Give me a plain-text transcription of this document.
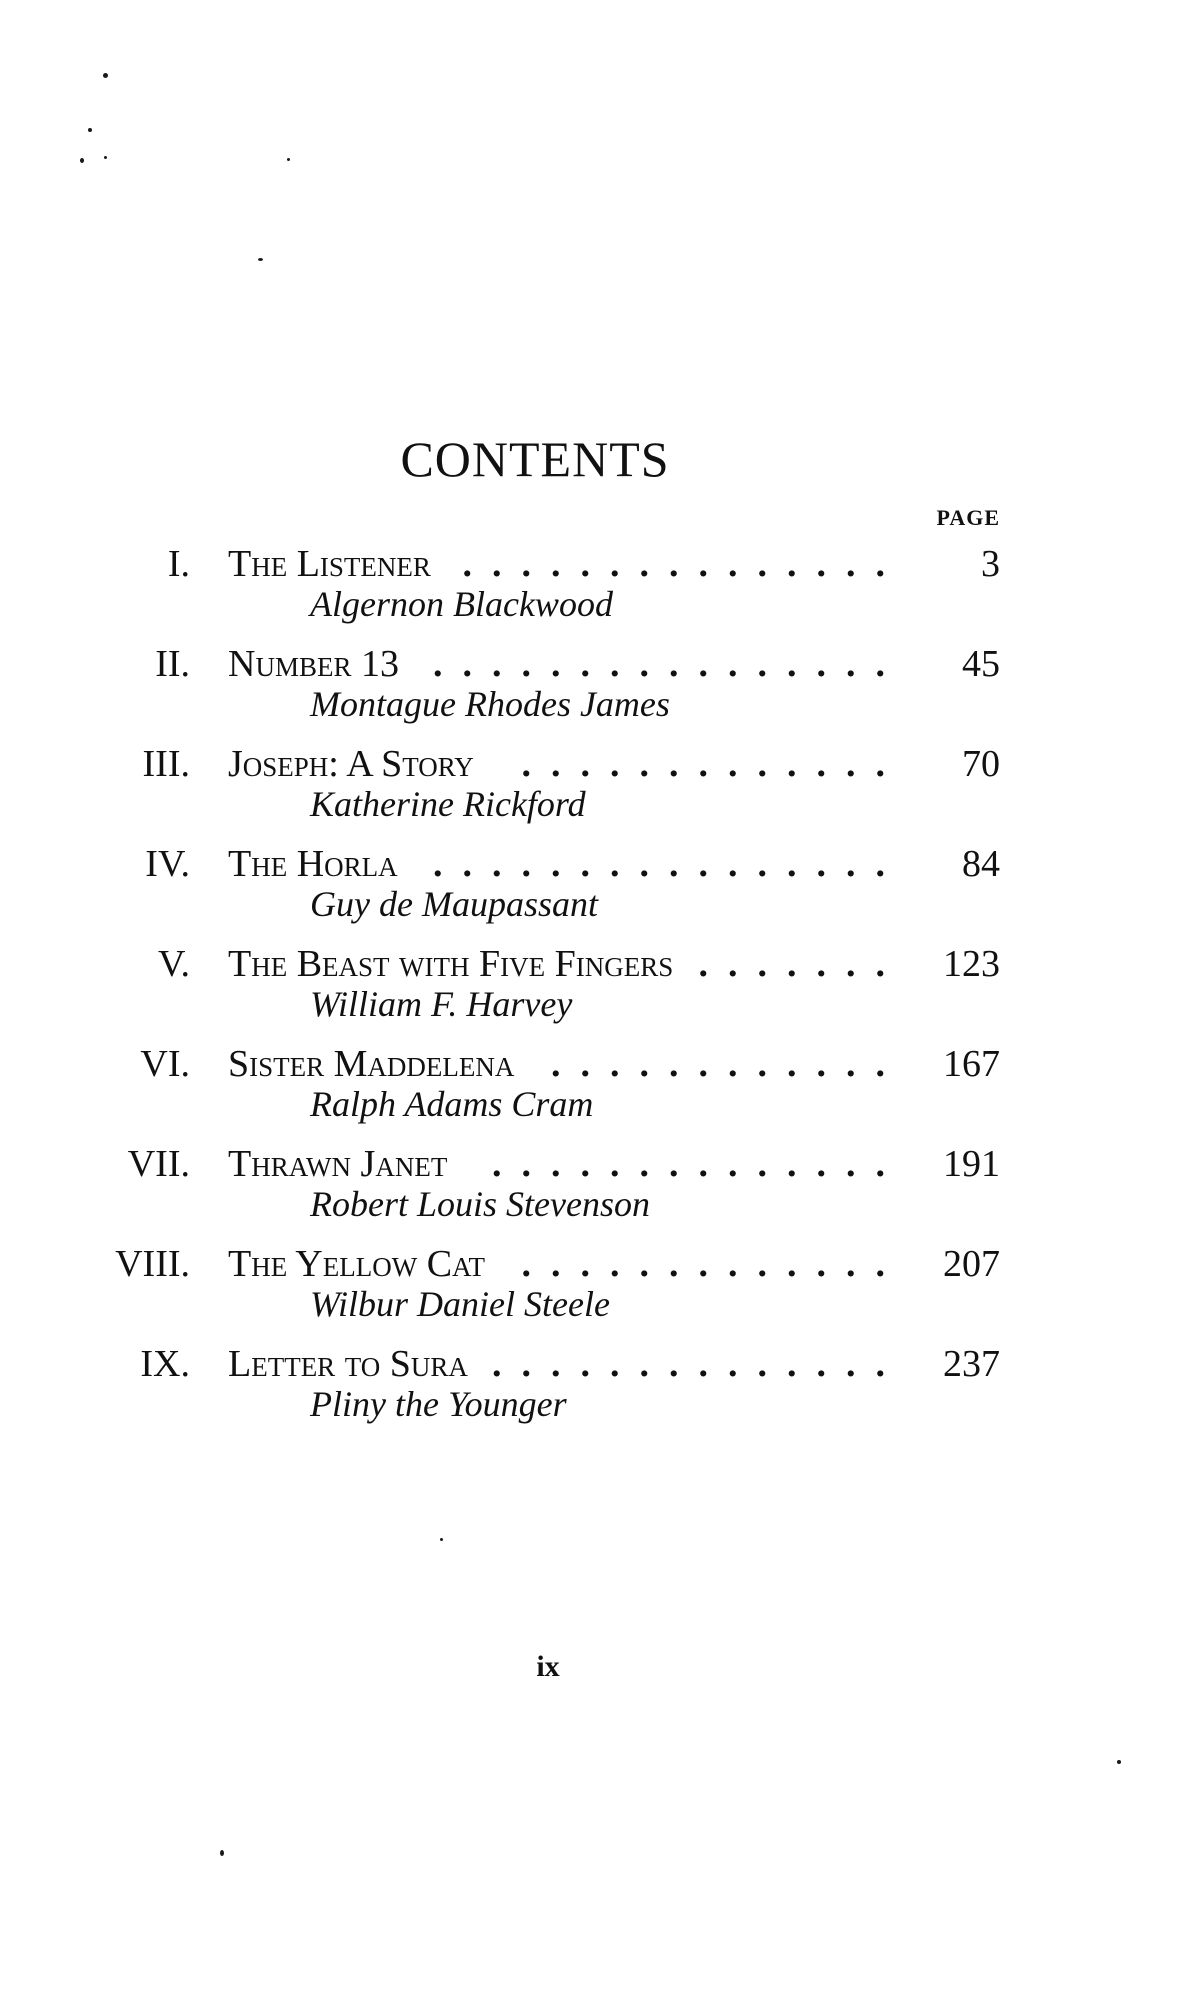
CONTENTS
PAGE
I. The Listener ...............	3
Algernon Blackwood
II. Number 13 ................	45
Montague Rhodes James
III. Joseph: A Story	.............	70
Katherine Rickford
IV. The Horla ................	84
Guy de Maupassant
V. The Beast with Five Fingers .......	123
William F. Harvey
VI. Sister Maddelena ............	167
Ralph Adams Cram
VII. Thrawn Janet	..............	191
Robert Louis Stevenson
VIII. The Yellow Cat .............	207
Wilbur Daniel Steele
IX. Letter to Sura ..............	237
Pliny the Younger
ix
